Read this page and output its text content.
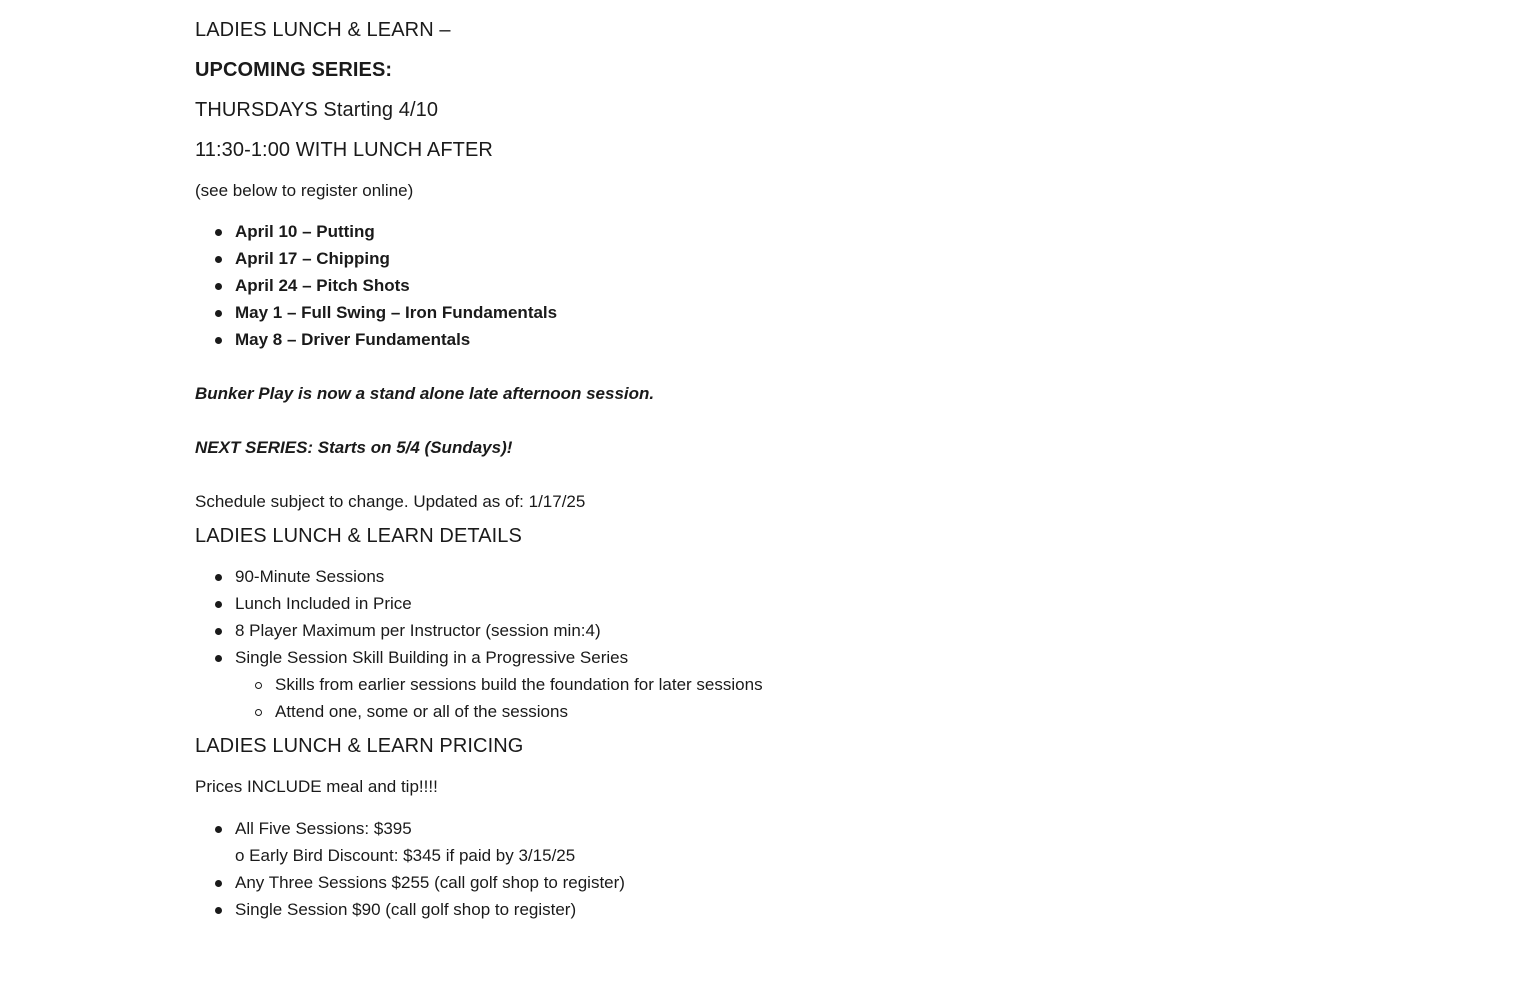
LADIES LUNCH & LEARN –
UPCOMING SERIES:
THURSDAYS Starting 4/10
11:30-1:00 WITH LUNCH AFTER
(see below to register online)
April 10 – Putting
April 17 – Chipping
April 24 – Pitch Shots
May 1 – Full Swing – Iron Fundamentals
May 8 – Driver Fundamentals
Bunker Play is now a stand alone late afternoon session.
NEXT SERIES: Starts on 5/4 (Sundays)!
Schedule subject to change. Updated as of: 1/17/25
LADIES LUNCH & LEARN DETAILS
90-Minute Sessions
Lunch Included in Price
8 Player Maximum per Instructor (session min:4)
Single Session Skill Building in a Progressive Series
Skills from earlier sessions build the foundation for later sessions
Attend one, some or all of the sessions
LADIES LUNCH & LEARN PRICING
Prices INCLUDE meal and tip!!!!
All Five Sessions: $395
o Early Bird Discount: $345 if paid by 3/15/25
Any Three Sessions $255 (call golf shop to register)
Single Session $90 (call golf shop to register)
